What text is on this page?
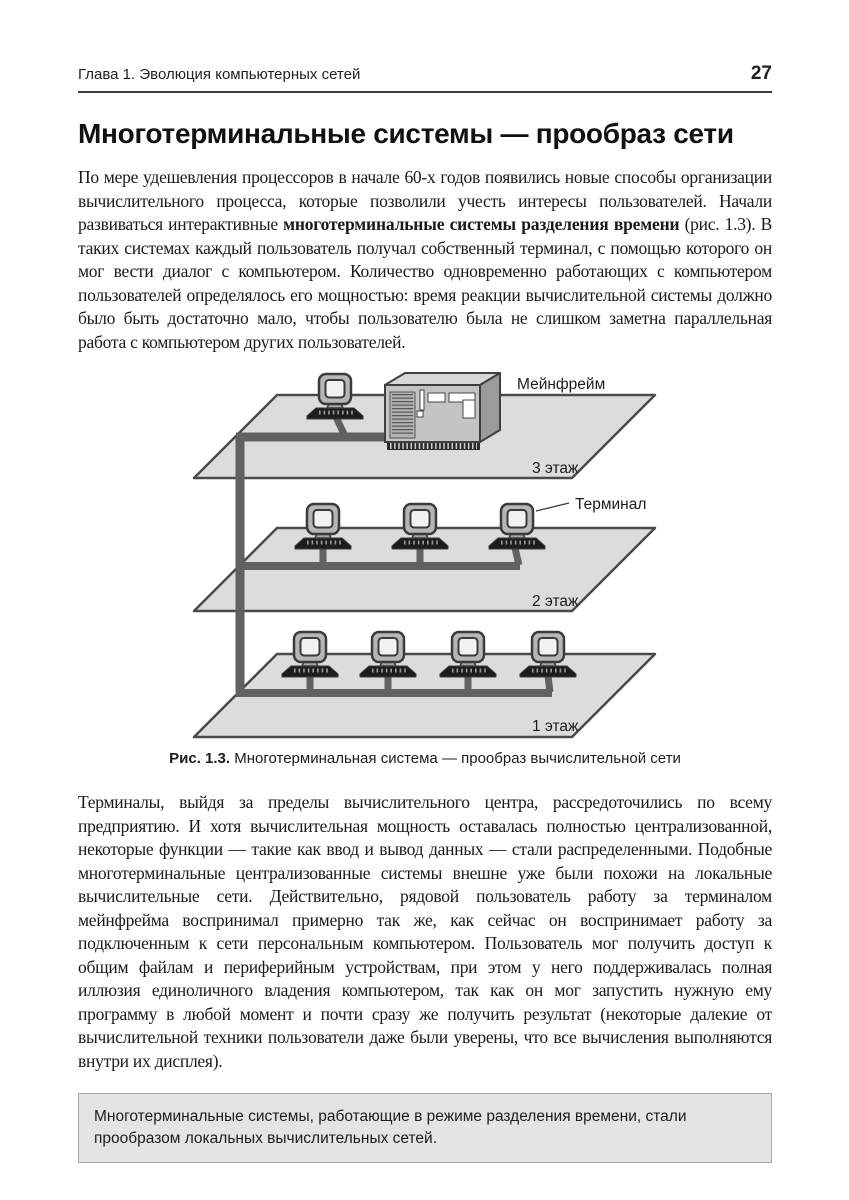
Глава 1. Эволюция компьютерных сетей	27
Многотерминальные системы — прообраз сети

По мере удешевления процессоров в начале 60-х годов появились новые способы организации вычислительного процесса, которые позволили учесть интересы пользователей. Начали развиваться интерактивные многотерминальные системы разделения времени (рис. 1.3). В таких системах каждый пользователь получал собственный терминал, с помощью которого он мог вести диалог с компьютером. Количество одновременно работающих с компьютером пользователей определялось его мощностью: время реакции вычислительной системы должно было быть достаточно мало, чтобы пользователю была не слишком заметна параллельная работа с компьютером других пользователей.

Мейнфрейм
Терминал
3 этаж
2 этаж
1 этаж
Рис. 1.3. Многотерминальная система — прообраз вычислительной сети

Терминалы, выйдя за пределы вычислительного центра, рассредоточились по всему предприятию. И хотя вычислительная мощность оставалась полностью централизованной, некоторые функции — такие как ввод и вывод данных — стали распределенными. Подобные многотерминальные централизованные системы внешне уже были похожи на локальные вычислительные сети. Действительно, рядовой пользователь работу за терминалом мейнфрейма воспринимал примерно так же, как сейчас он воспринимает работу за подключенным к сети персональным компьютером. Пользователь мог получить доступ к общим файлам и периферийным устройствам, при этом у него поддерживалась полная иллюзия единоличного владения компьютером, так как он мог запустить нужную ему программу в любой момент и почти сразу же получить результат (некоторые далекие от вычислительной техники пользователи даже были уверены, что все вычисления выполняются внутри их дисплея).

Многотерминальные системы, работающие в режиме разделения времени, стали прообразом локальных вычислительных сетей.
